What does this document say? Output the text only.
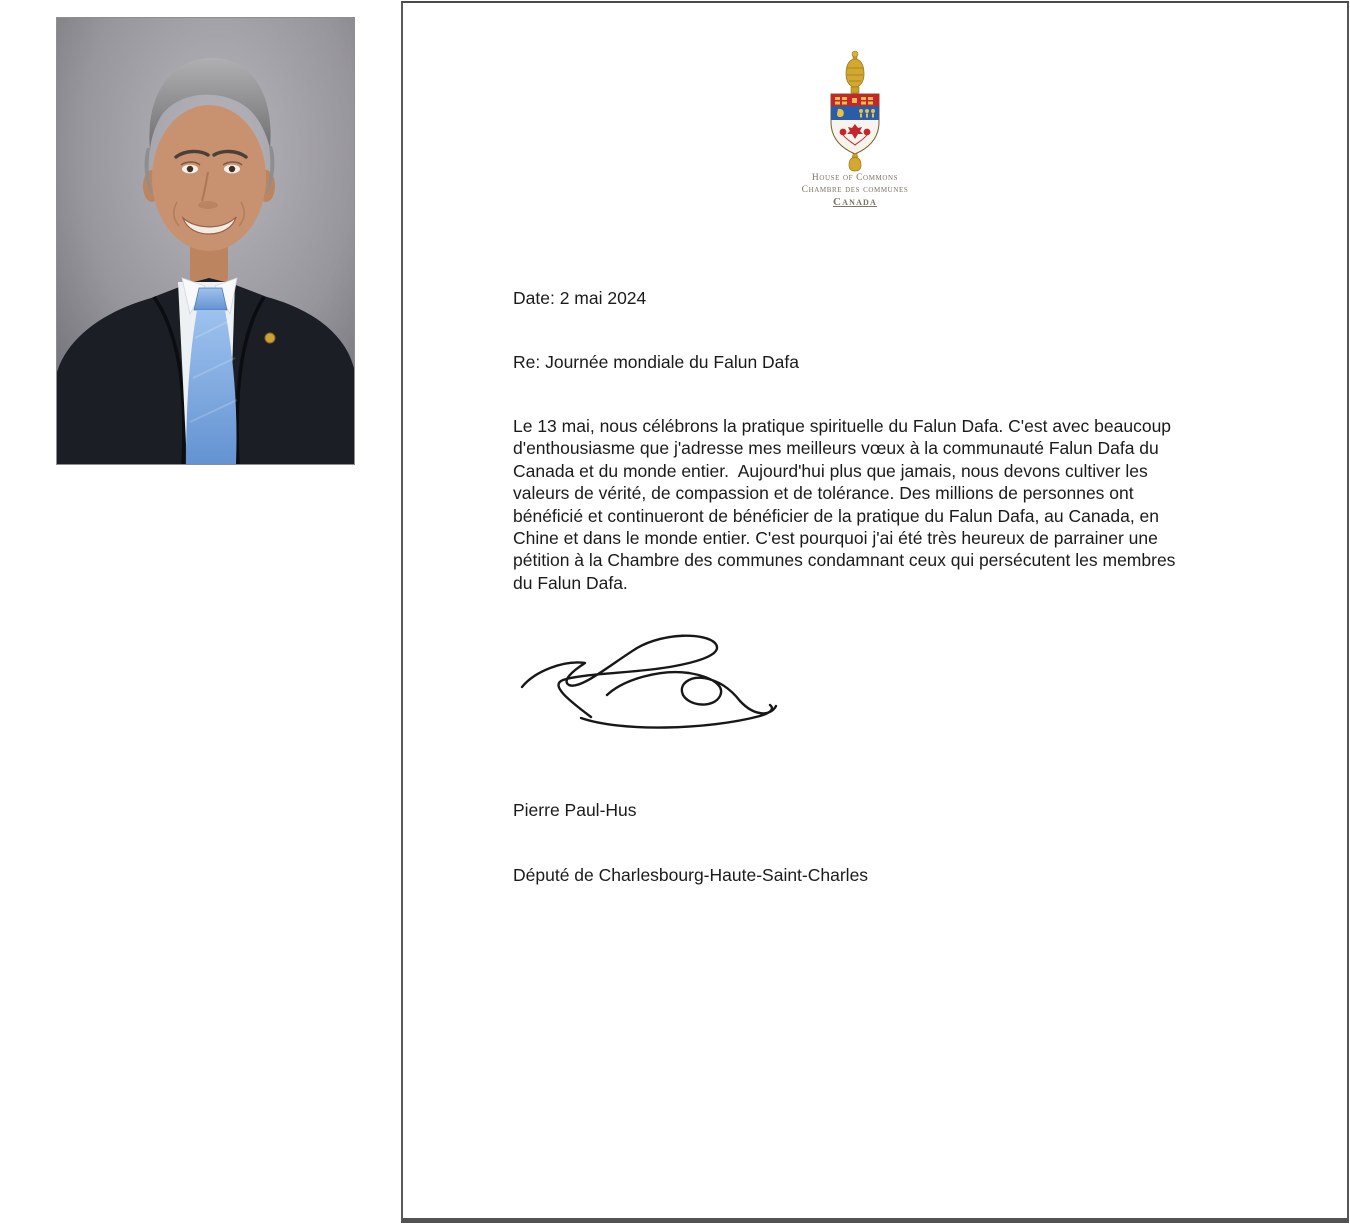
House of Commons
Chambre des communes
Canada
Date: 2 mai 2024
Re: Journée mondiale du Falun Dafa
Le 13 mai, nous célébrons la pratique spirituelle du Falun Dafa. C'est avec beaucoup
d'enthousiasme que j'adresse mes meilleurs vœux à la communauté Falun Dafa du
Canada et du monde entier.  Aujourd'hui plus que jamais, nous devons cultiver les
valeurs de vérité, de compassion et de tolérance. Des millions de personnes ont
bénéficié et continueront de bénéficier de la pratique du Falun Dafa, au Canada, en
Chine et dans le monde entier. C'est pourquoi j'ai été très heureux de parrainer une
pétition à la Chambre des communes condamnant ceux qui persécutent les membres
du Falun Dafa.

Pierre Paul-Hus

Député de Charlesbourg-Haute-Saint-Charles
